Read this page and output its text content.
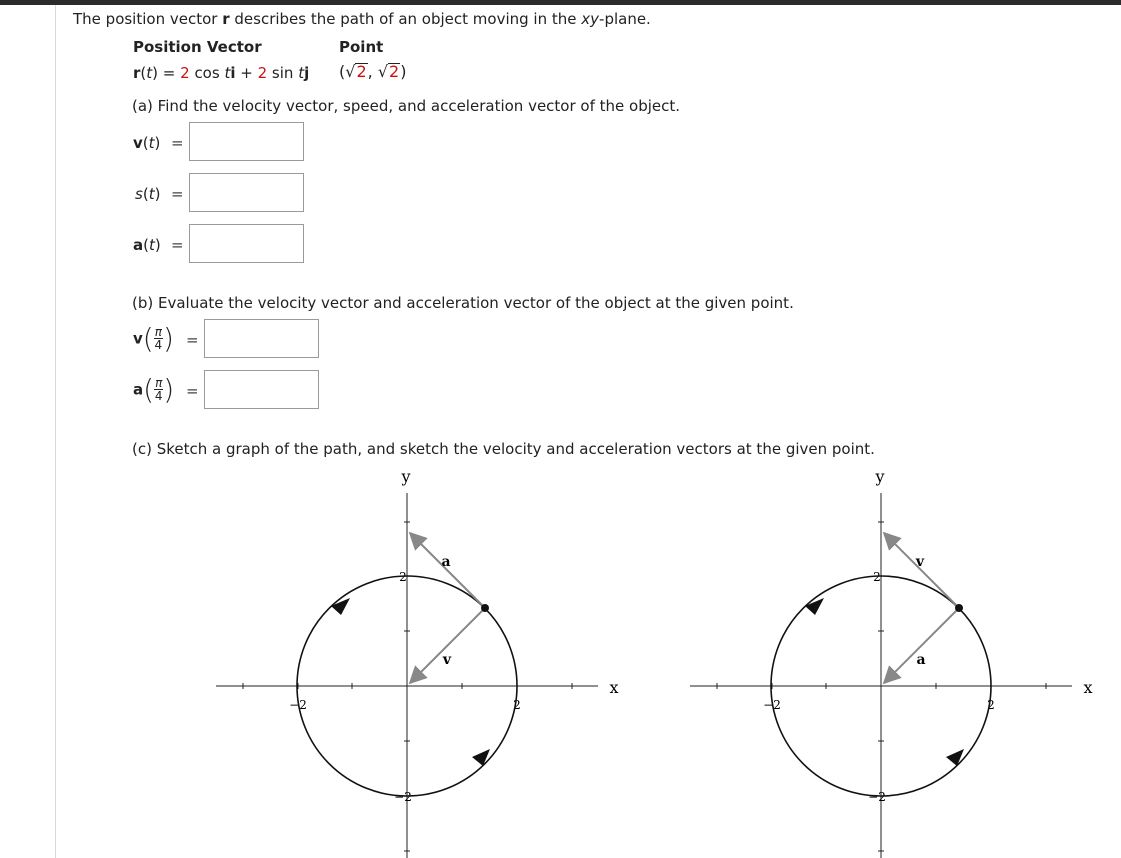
The position vector r describes the path of an object moving in the xy-plane.
Position Vector	Point
r(t) = 2 cos ti + 2 sin tj (√2, √2)
(a) Find the velocity vector, speed, and acceleration vector of the object.
v(t) =
s(t) =
a(t) =
(b) Evaluate the velocity vector and acceleration vector of the object at the given point.
$v( \frac{\pi}{4}$ ) =
$a( \frac{\pi}{4}$ ) =
(c) Sketch a graph of the path, and sketch the velocity and acceleration vectors at the given point.
y
x
2
−2
−2	2
a
v
y
x
2
−2
−2	2
v
a
